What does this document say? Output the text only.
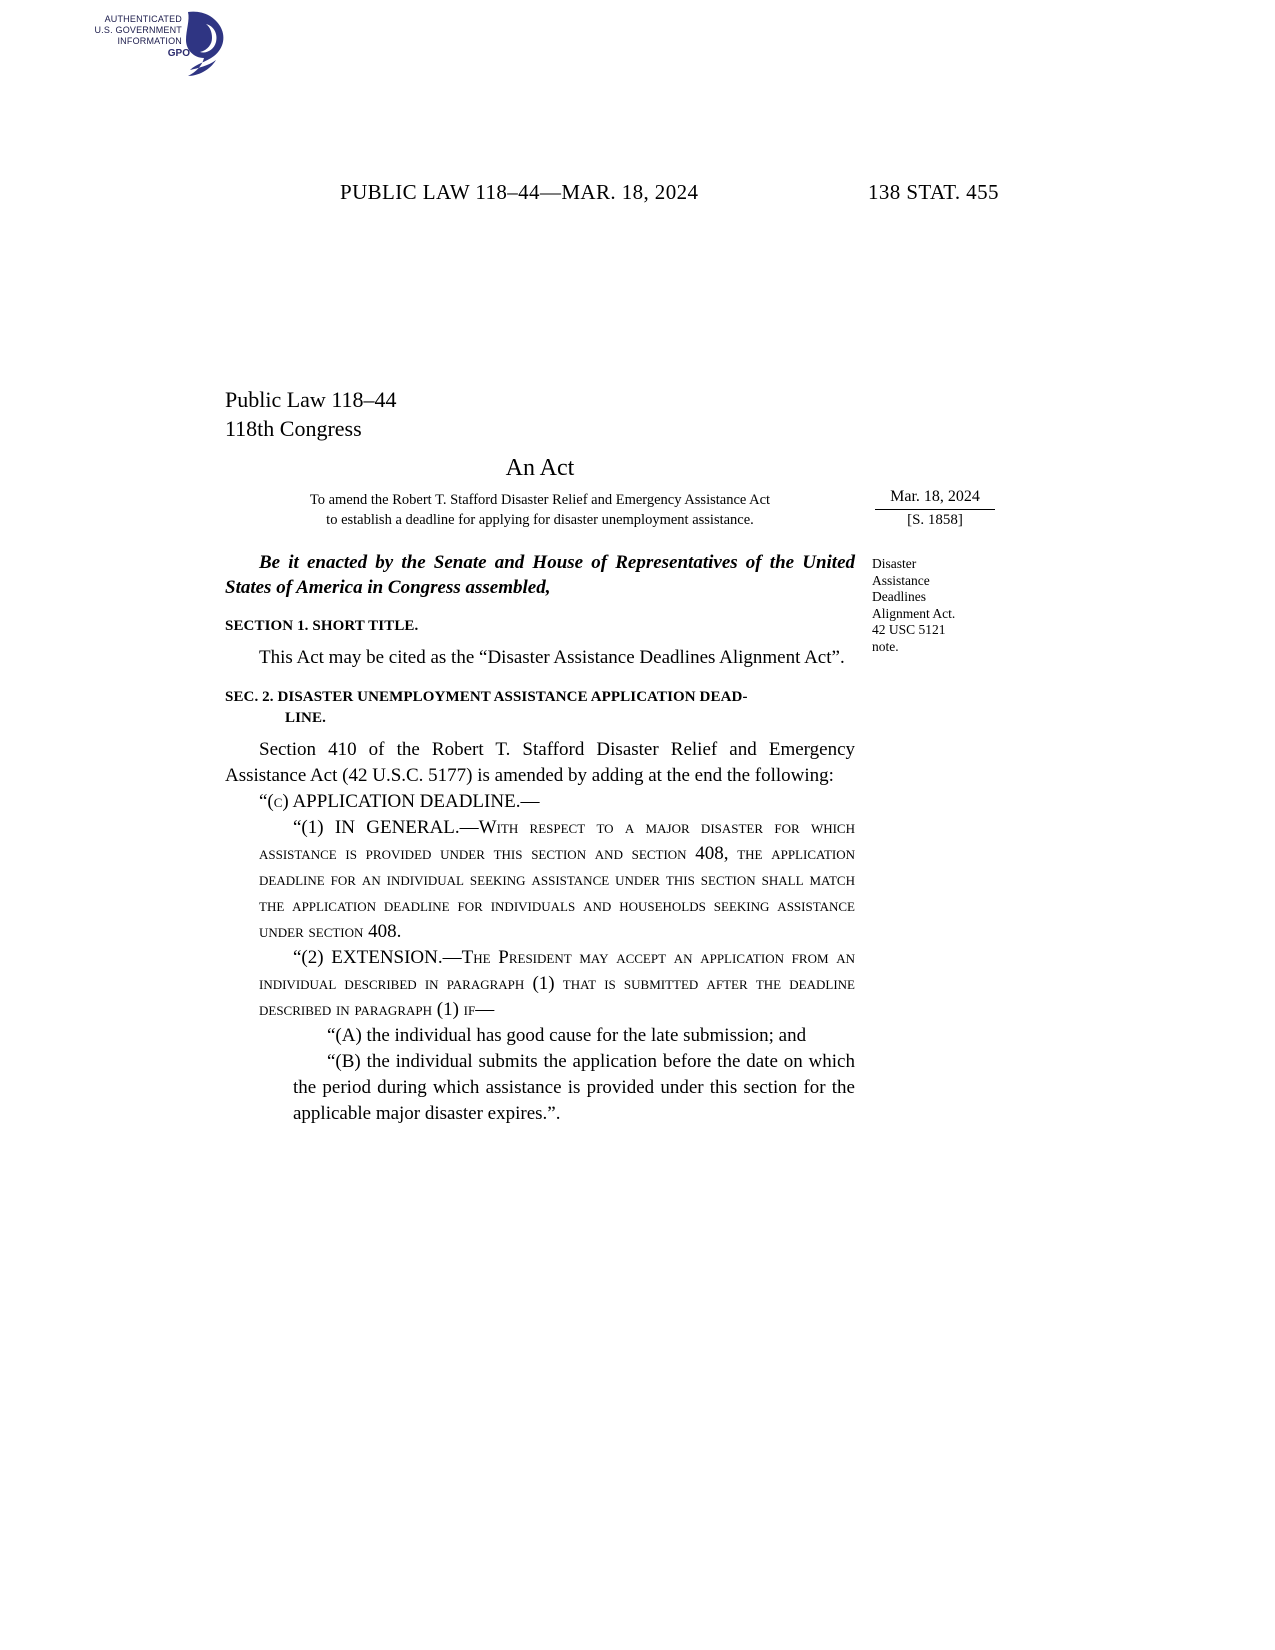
AUTHENTICATED
U.S. GOVERNMENT
INFORMATION
GPO
PUBLIC LAW 118–44—MAR. 18, 2024	138 STAT. 455
Public Law 118–44
118th Congress
An Act
To amend the Robert T. Stafford Disaster Relief and Emergency Assistance Act
to establish a deadline for applying for disaster unemployment assistance.
Be it enacted by the Senate and House of Representatives of the United States of America in Congress assembled,
SECTION 1. SHORT TITLE.

This Act may be cited as the “Disaster Assistance Deadlines Alignment Act”.

SEC. 2. DISASTER UNEMPLOYMENT ASSISTANCE APPLICATION DEAD-
LINE.

Section 410 of the Robert T. Stafford Disaster Relief and Emergency Assistance Act (42 U.S.C. 5177) is amended by adding at the end the following:

“(c) APPLICATION DEADLINE.—

“(1) IN GENERAL.—With respect to a major disaster for which assistance is provided under this section and section 408, the application deadline for an individual seeking assistance under this section shall match the application deadline for individuals and households seeking assistance under section 408.

“(2) EXTENSION.—The President may accept an application from an individual described in paragraph (1) that is submitted after the deadline described in paragraph (1) if—

“(A) the individual has good cause for the late submission; and

“(B) the individual submits the application before the date on which the period during which assistance is provided under this section for the applicable major disaster expires.”.

Mar. 18, 2024
[S. 1858]
Disaster
Assistance
Deadlines
Alignment Act.
42 USC 5121
note.
